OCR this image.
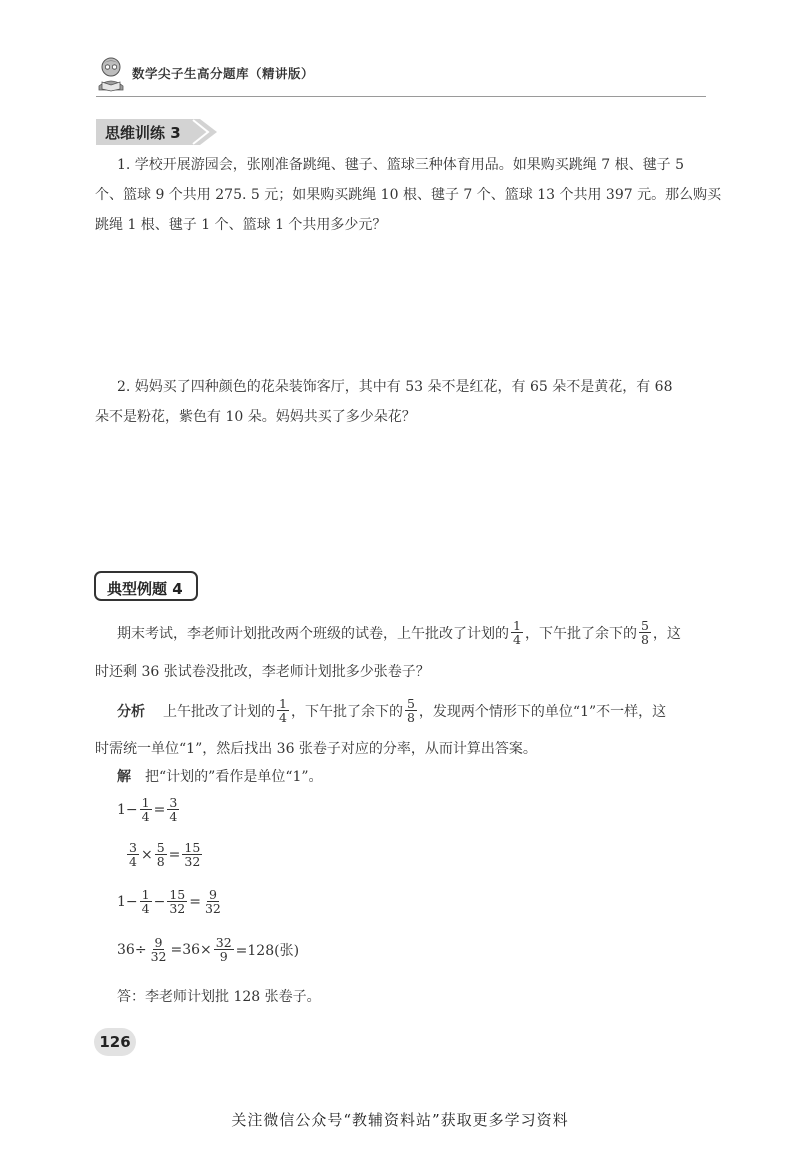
数学尖子生高分题库（精讲版）
思维训练 3
1. 学校开展游园会，张刚准备跳绳、毽子、篮球三种体育用品。如果购买跳绳 7 根、毽子 5
个、篮球 9 个共用 275. 5 元；如果购买跳绳 10 根、毽子 7 个、篮球 13 个共用 397 元。那么购买
跳绳 1 根、毽子 1 个、篮球 1 个共用多少元？
2. 妈妈买了四种颜色的花朵装饰客厅，其中有 53 朵不是红花，有 65 朵不是黄花，有 68
朵不是粉花，紫色有 10 朵。妈妈共买了多少朵花？
典型例题 4
期末考试，李老师计划批改两个班级的试卷，上午批改了计划的 $\frac{1}{4}$ ，下午批了余下的 $\frac{5}{8}$ ，这
时还剩 36 张试卷没批改，李老师计划批多少张卷子？
分析 上午批改了计划的 $\frac{1}{4}$ ，下午批了余下的 $\frac{5}{8}$ ，发现两个情形下的单位“1”不一样，这
时需统一单位“1”，然后找出 36 张卷子对应的分率，从而计算出答案。
解 把“计划的”看作是单位“1”。
$1 - \frac{1}{4} = \frac{3}{4}$
$\frac{3}{4} \times \frac{5}{8} = \frac{15}{32}$
$1 - \frac{1}{4} - \frac{15}{32} = \frac{9}{32}$
$36 \div \frac{9}{32} = 36 \times \frac{32}{9} =128$(张)
答：李老师计划批 128 张卷子。
126
关注微信公众号“教辅资料站”获取更多学习资料
